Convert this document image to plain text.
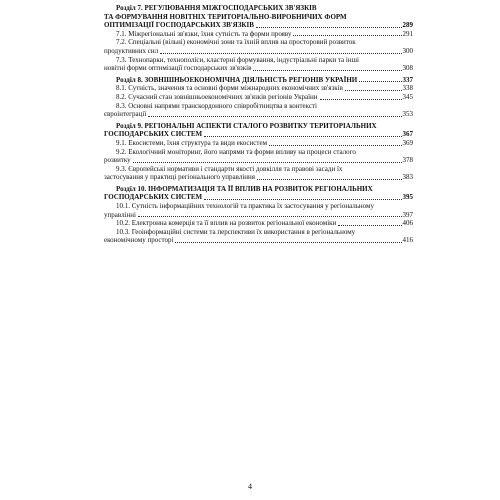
Розділ 7. РЕГУЛЮВАННЯ МІЖГОСПОДАРСЬКИХ ЗВ'ЯЗКІВ
ТА ФОРМУВАННЯ НОВІТНІХ ТЕРИТОРІАЛЬНО-ВИРОБНИЧИХ ФОРМ
ОПТИМІЗАЦІЇ ГОСПОДАРСЬКИХ ЗВ'ЯЗКІВ	289
7.1. Міжрегіональні зв'язки, їхня сутність та форми прояву	291
7.2. Спеціальні (вільні) економічні зони та їхній вплив на просторовий розвиток
продуктивних сил	300
7.3. Технопарки, технополіси, кластерні формування, індустріальні парки та інші
новітні форми оптимізації господарських зв'язків	308
Розділ 8. ЗОВНІШНЬОЕКОНОМІЧНА ДІЯЛЬНІСТЬ РЕГІОНІВ УКРАЇНИ	337
8.1. Сутність, значення та основні форми міжнародних економічних зв'язків	338
8.2. Сучасний стан зовнішньоекономічних зв'язків регіонів України	345
8.3. Основні напрями транскордонного співробітництва в контексті
євроінтеграції	353
Розділ 9. РЕГІОНАЛЬНІ АСПЕКТИ СТАЛОГО РОЗВИТКУ ТЕРИТОРІАЛЬНИХ
ГОСПОДАРСЬКИХ СИСТЕМ	367
9.1. Екосистеми, їхня структура та види екосистем	369
9.2. Екологічний моніторинг, його напрями та форми впливу на процеси сталого
розвитку	378
9.3. Європейські нормативи і стандарти якості довкілля та правові засади їх
застосування у практиці регіонального управління	383
Розділ 10. ІНФОРМАТИЗАЦІЯ ТА ЇЇ ВПЛИВ НА РОЗВИТОК РЕГІОНАЛЬНИХ
ГОСПОДАРСЬКИХ СИСТЕМ	395
10.1. Сутність інформаційних технологій та практика їх застосування у регіональному
управлінні	397
10.2. Електронна комерція та її вплив на розвиток регіональної економіки	406
10.3. Геоінформаційні системи та перспективи їх використання в регіональному
економічному просторі	416
4
